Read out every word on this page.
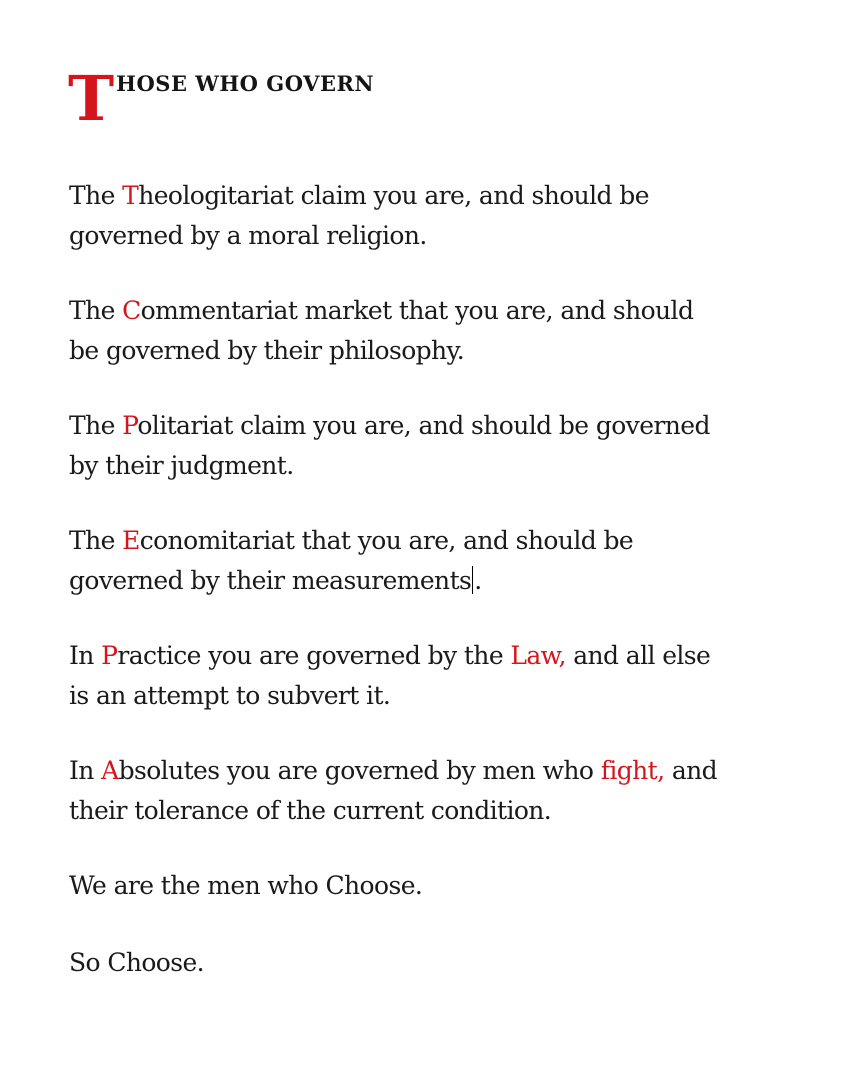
T HOSE WHO GOVERN

The Theologitariat claim you are, and should be
governed by a moral religion.

The Commentariat market that you are, and should
be governed by their philosophy.

The Politariat claim you are, and should be governed
by their judgment.

The Economitariat that you are, and should be
governed by their measurements .

In Practice you are governed by the Law, and all else
is an attempt to subvert it.

In Absolutes you are governed by men who fight, and
their tolerance of the current condition.

We are the men who Choose.

So Choose.
